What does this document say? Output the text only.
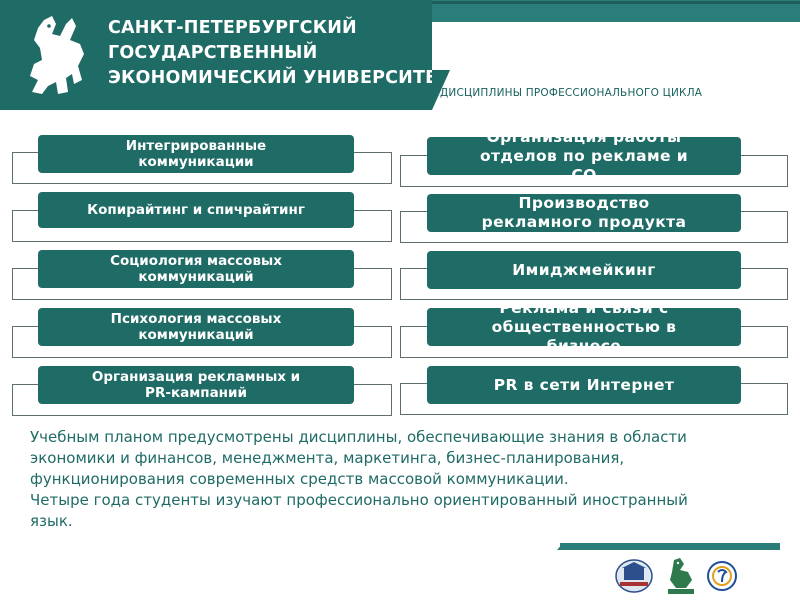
САНКТ-ПЕТЕРБУРГСКИЙ
ГОСУДАРСТВЕННЫЙ
ЭКОНОМИЧЕСКИЙ УНИВЕРСИТЕТ
ДИСЦИПЛИНЫ ПРОФЕССИОНАЛЬНОГО ЦИКЛА
Интегрированные
коммуникации
Копирайтинг и спичрайтинг
Социология массовых
коммуникаций
Психология массовых
коммуникаций
Организация рекламных и
PR-кампаний
Организация работы
отделов по рекламе и
СО
Производство
рекламного продукта
Имиджмейкинг
Реклама и связи с
общественностью в
бизнесе
PR в сети Интернет

Учебным планом предусмотрены дисциплины, обеспечивающие знания в области экономики и финансов, менеджмента, маркетинга, бизнес-планирования, функционирования современных средств массовой коммуникации.

Четыре года студенты изучают профессионально ориентированный иностранный язык.
